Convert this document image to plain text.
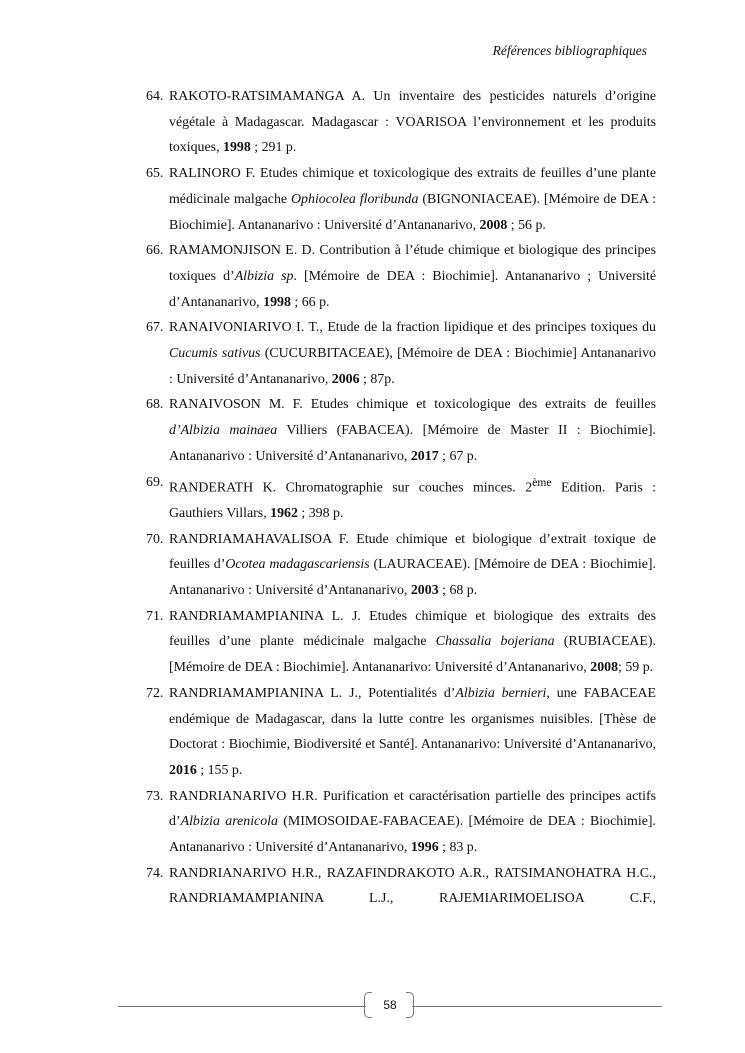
Références bibliographiques
64. RAKOTO-RATSIMAMANGA A. Un inventaire des pesticides naturels d’origine végétale à Madagascar. Madagascar : VOARISOA l’environnement et les produits toxiques, 1998 ; 291 p.
65. RALINORO F. Etudes chimique et toxicologique des extraits de feuilles d’une plante médicinale malgache Ophiocolea floribunda (BIGNONIACEAE). [Mémoire de DEA : Biochimie]. Antananarivo : Université d’Antananarivo, 2008 ; 56 p.
66. RAMAMONJISON E. D. Contribution à l’étude chimique et biologique des principes toxiques d’Albizia sp. [Mémoire de DEA : Biochimie]. Antananarivo ; Université d’Antananarivo, 1998 ; 66 p.
67. RANAIVONIARIVO I. T., Etude de la fraction lipidique et des principes toxiques du Cucumis sativus (CUCURBITACEAE), [Mémoire de DEA : Biochimie] Antananarivo : Université d’Antananarivo, 2006 ; 87p.
68. RANAIVOSON M. F. Etudes chimique et toxicologique des extraits de feuilles d’Albizia mainaea Villiers (FABACEA). [Mémoire de Master II : Biochimie]. Antananarivo : Université d’Antananarivo, 2017 ; 67 p.
69. RANDERATH K. Chromatographie sur couches minces. 2ème Edition. Paris : Gauthiers Villars, 1962 ; 398 p.
70. RANDRIAMAHAVALISOA F. Etude chimique et biologique d’extrait toxique de feuilles d’Ocotea madagascariensis (LAURACEAE). [Mémoire de DEA : Biochimie]. Antananarivo : Université d’Antananarivo, 2003 ; 68 p.
71. RANDRIAMAMPIANINA L. J. Etudes chimique et biologique des extraits des feuilles d’une plante médicinale malgache Chassalia bojeriana (RUBIACEAE). [Mémoire de DEA : Biochimie]. Antananarivo: Université d’Antananarivo, 2008; 59 p.
72. RANDRIAMAMPIANINA L. J., Potentialités d’Albizia bernieri, une FABACEAE endémique de Madagascar, dans la lutte contre les organismes nuisibles. [Thèse de Doctorat : Biochimie, Biodiversité et Santé]. Antananarivo: Université d’Antananarivo, 2016 ; 155 p.
73. RANDRIANARIVO H.R. Purification et caractérisation partielle des principes actifs d’Albizia arenicola (MIMOSOIDAE-FABACEAE). [Mémoire de DEA : Biochimie]. Antananarivo : Université d’Antananarivo, 1996 ; 83 p.
74. RANDRIANARIVO H.R., RAZAFINDRAKOTO A.R., RATSIMANOHATRA H.C., RANDRIAMAMPIANINA L.J., RAJEMIARIMOELISOA C.F.,
58
